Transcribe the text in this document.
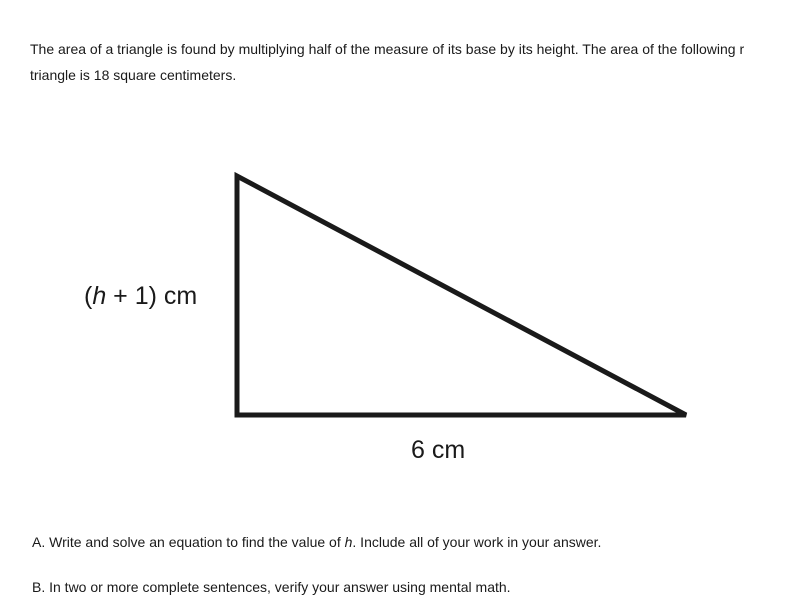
The area of a triangle is found by multiplying half of the measure of its base by its height. The area of the following r
triangle is 18 square centimeters.
(h + 1) cm
6 cm

A. Write and solve an equation to find the value of h. Include all of your work in your answer.

B. In two or more complete sentences, verify your answer using mental math.
